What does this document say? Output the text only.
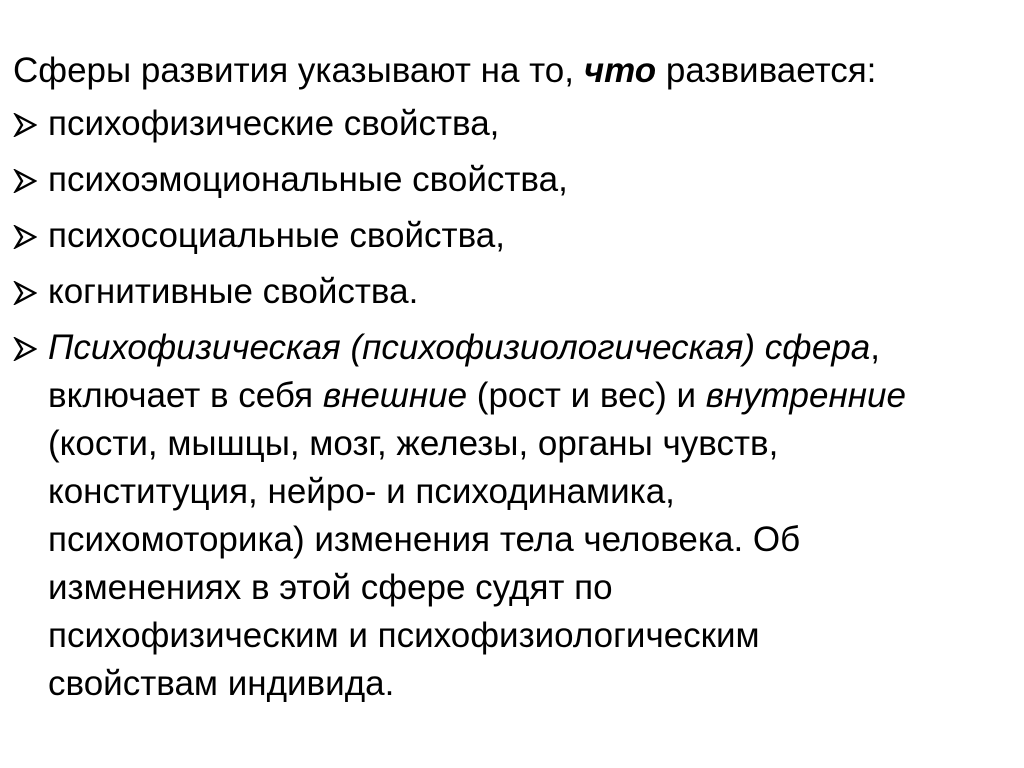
Сферы развития указывают на то, что развивается:
психофизические свойства,
психоэмоциональные свойства,
психосоциальные свойства,
когнитивные свойства.
Психофизическая (психофизиологическая) сфера,
включает в себя внешние (рост и вес) и внутренние
(кости, мышцы, мозг, железы, органы чувств,
конституция, нейро- и психодинамика,
психомоторика) изменения тела человека. Об
изменениях в этой сфере судят по
психофизическим и психофизиологическим
свойствам индивида.
